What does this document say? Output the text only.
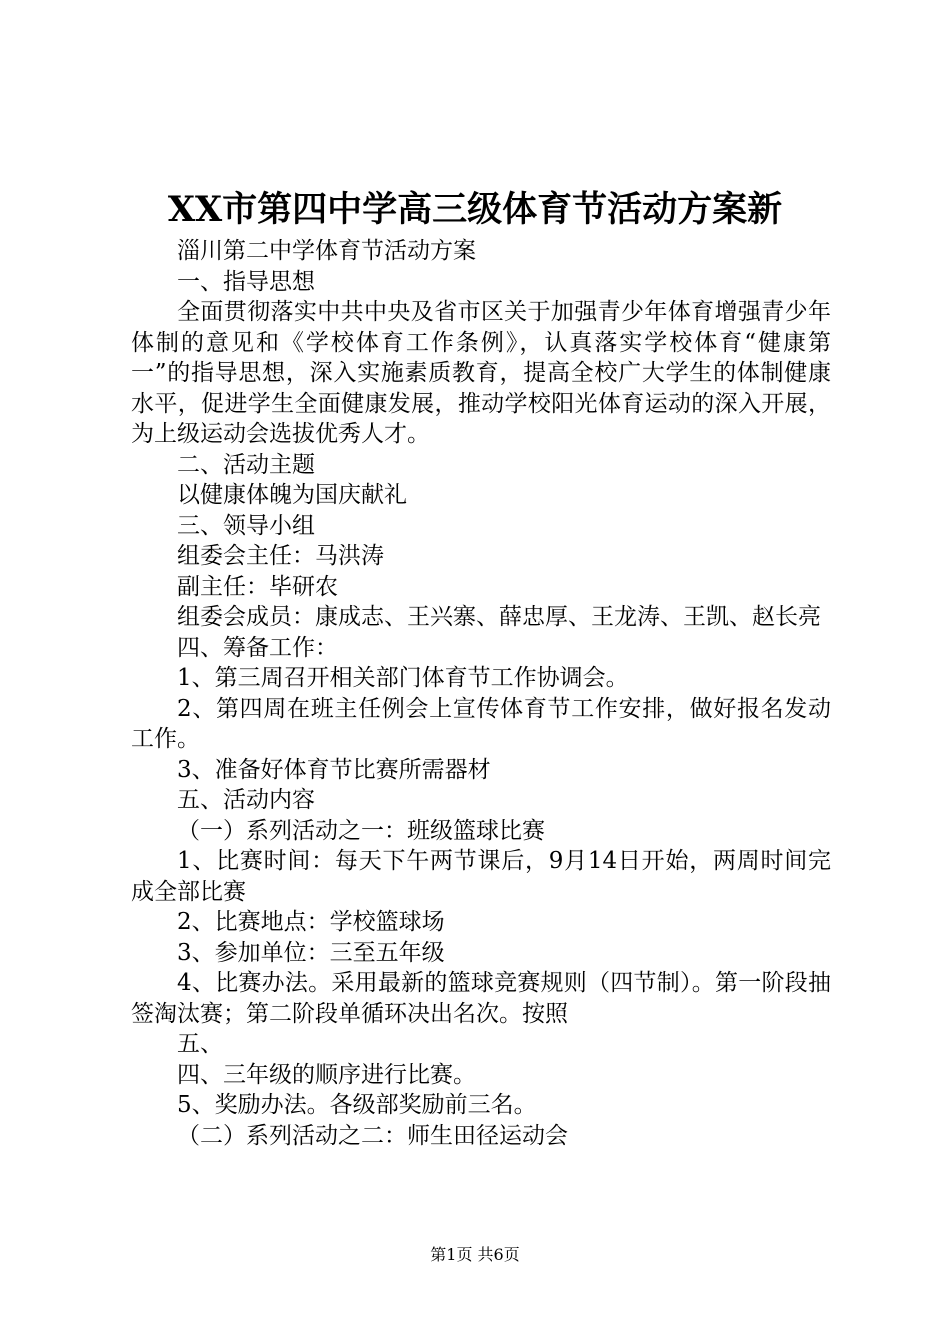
XX市第四中学高三级体育节活动方案新

淄川第二中学体育节活动方案

一、指导思想

全面贯彻落实中共中央及省市区关于加强青少年体育增强青少年体制的意见和《学校体育工作条例》，认真落实学校体育“健康第一”的指导思想，深入实施素质教育，提高全校广大学生的体制健康水平，促进学生全面健康发展，推动学校阳光体育运动的深入开展，为上级运动会选拔优秀人才。

二、活动主题

以健康体魄为国庆献礼

三、领导小组

组委会主任：马洪涛

副主任：毕研农

组委会成员：康成志、王兴寨、薛忠厚、王龙涛、王凯、赵长亮

四、筹备工作：

1、第三周召开相关部门体育节工作协调会。

2、第四周在班主任例会上宣传体育节工作安排，做好报名发动工作。

3、准备好体育节比赛所需器材

五、活动内容

（一）系列活动之一：班级篮球比赛

1、比赛时间：每天下午两节课后，9月14日开始，两周时间完成全部比赛

2、比赛地点：学校篮球场

3、参加单位：三至五年级

4、比赛办法。采用最新的篮球竞赛规则（四节制）。第一阶段抽签淘汰赛；第二阶段单循环决出名次。按照

五、

四、三年级的顺序进行比赛。

5、奖励办法。各级部奖励前三名。

（二）系列活动之二：师生田径运动会

第1页 共6页
